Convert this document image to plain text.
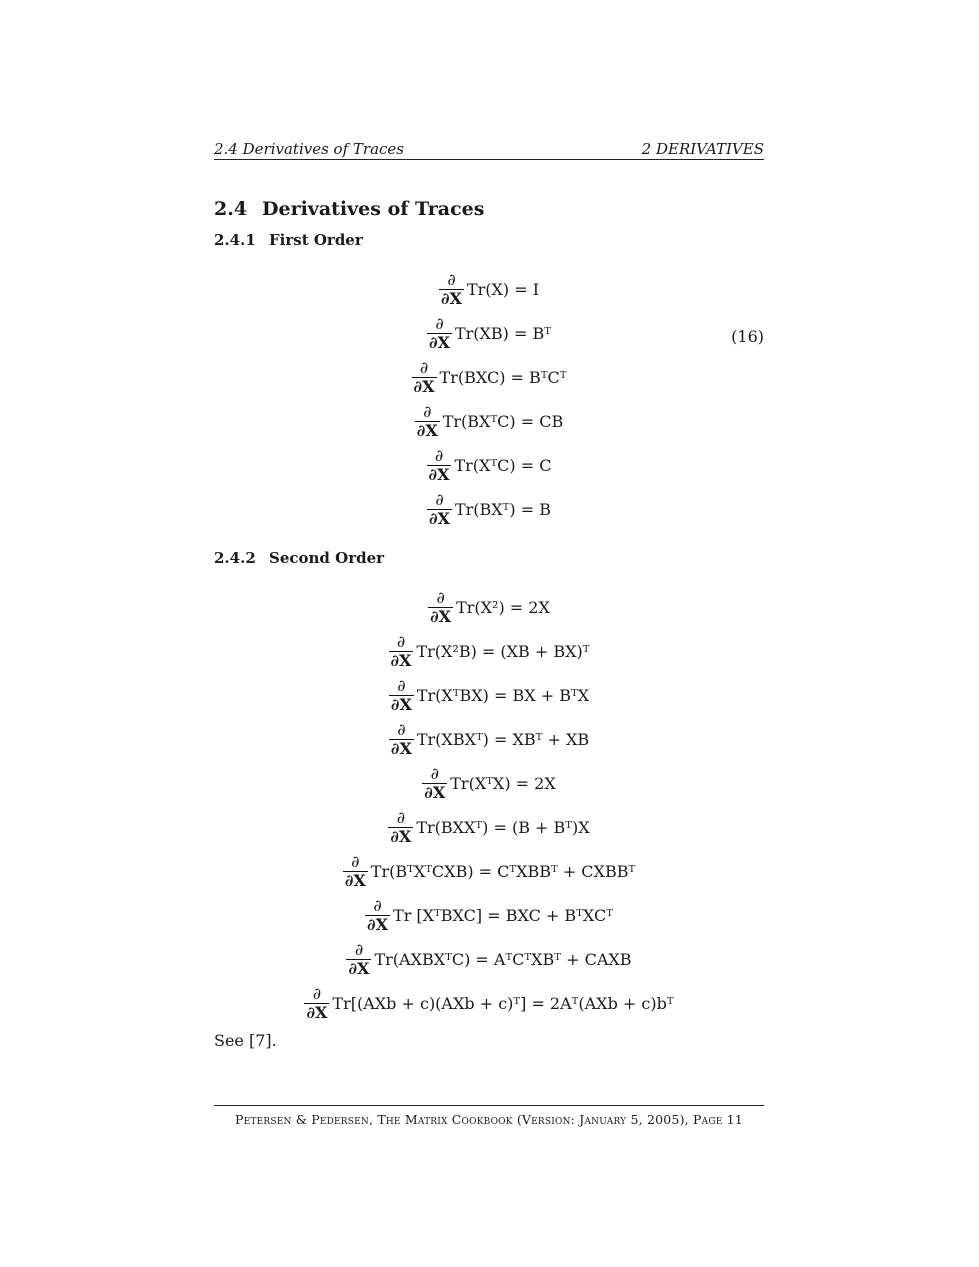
2.4 Derivatives of Traces	2 DERIVATIVES
2.4 Derivatives of Traces
2.4.1 First Order
$\frac{\partial}{\partial X} Tr(X) = I$
$\frac{\partial}{\partial X} Tr(XB)$ = Bᵀ
$\frac{\partial}{\partial X} Tr(BXC)$ = BᵀCᵀ
$\frac{\partial}{\partial X}$ Tr(BXᵀC) = CB
$\frac{\partial}{\partial X}$ Tr(XᵀC) = C
$\frac{\partial}{\partial X}$ Tr(BXᵀ) = B
(16)
2.4.2 Second Order
$\frac{\partial}{\partial X} Tr(X^2) = 2X$
$\frac{\partial}{\partial X} Tr(X^2B) = (XB$ + BX)ᵀ
$\frac{\partial}{\partial X}$ Tr(XᵀBX) = BX + BᵀX
$\frac{\partial}{\partial X}$ Tr(XBXᵀ) = XBᵀ + XB
$\frac{\partial}{\partial X}$ Tr(XᵀX) = 2X
$\frac{\partial}{\partial X}$ Tr(BXXᵀ) = (B + Bᵀ)X
$\frac{\partial}{\partial X}$ Tr(BᵀXᵀCXB) = CᵀXBBᵀ + CXBBᵀ
$\frac{\partial}{\partial X}$ Tr [XᵀBXC] = BXC + BᵀXCᵀ
$\frac{\partial}{\partial X}$ Tr(AXBXᵀC) = AᵀCᵀXBᵀ + CAXB
$\frac{\partial}{\partial X} Tr[(AXb + c)(AXb$ + c)ᵀ] = 2Aᵀ(AXb + c)bᵀ
See [7].
Petersen & Pedersen, The Matrix Cookbook (Version: January 5, 2005), Page 11
